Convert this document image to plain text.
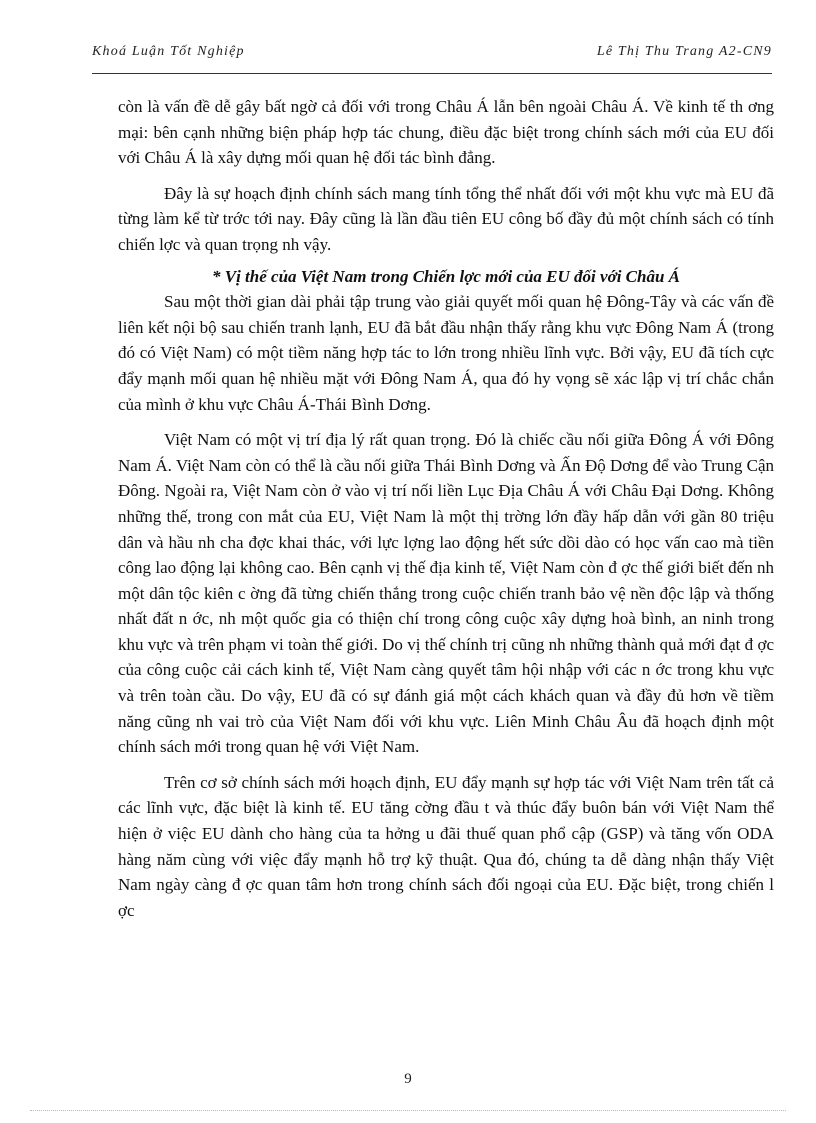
Khoá Luận Tốt Nghiệp	Lê Thị Thu Trang A2-CN9

còn là vấn đề dễ gây bất ngờ cả đối với trong Châu Á lẫn bên ngoài Châu Á. Về kinh tế th ơng mại: bên cạnh những biện pháp hợp tác chung, điều đặc biệt trong chính sách mới của EU đối với Châu Á là xây dựng mối quan hệ đối tác bình đẳng.

Đây là sự hoạch định chính sách mang tính tổng thể nhất đối với một khu vực mà EU đã từng làm kể từ trớc tới nay. Đây cũng là lần đầu tiên EU công bố đầy đủ một chính sách có tính chiến lợc và quan trọng nh vậy.

* Vị thế của Việt Nam trong Chiến lợc mới của EU đối với Châu Á

Sau một thời gian dài phải tập trung vào giải quyết mối quan hệ Đông-Tây và các vấn đề liên kết nội bộ sau chiến tranh lạnh, EU đã bắt đầu nhận thấy rằng khu vực Đông Nam Á (trong đó có Việt Nam) có một tiềm năng hợp tác to lớn trong nhiều lĩnh vực. Bởi vậy, EU đã tích cực đẩy mạnh mối quan hệ nhiều mặt với Đông Nam Á, qua đó hy vọng sẽ xác lập vị trí chắc chắn của mình ở khu vực Châu Á-Thái Bình Dơng.

Việt Nam có một vị trí địa lý rất quan trọng. Đó là chiếc cầu nối giữa Đông Á với Đông Nam Á. Việt Nam còn có thể là cầu nối giữa Thái Bình Dơng và Ấn Độ Dơng để vào Trung Cận Đông. Ngoài ra, Việt Nam còn ở vào vị trí nối liền Lục Địa Châu Á với Châu Đại Dơng. Không những thế, trong con mắt của EU, Việt Nam là một thị trờng lớn đầy hấp dẫn với gần 80 triệu dân và hầu nh cha đợc khai thác, với lực lợng lao động hết sức dồi dào có học vấn cao mà tiền công lao động lại không cao. Bên cạnh vị thế địa kinh tế, Việt Nam còn đ ợc thế giới biết đến nh một dân tộc kiên c ờng đã từng chiến thắng trong cuộc chiến tranh bảo vệ nền độc lập và thống nhất đất n ớc, nh một quốc gia có thiện chí trong công cuộc xây dựng hoà bình, an ninh trong khu vực và trên phạm vi toàn thế giới. Do vị thế chính trị cũng nh những thành quả mới đạt đ ợc của công cuộc cải cách kinh tế, Việt Nam càng quyết tâm hội nhập với các n ớc trong khu vực và trên toàn cầu. Do vậy, EU đã có sự đánh giá một cách khách quan và đầy đủ hơn về tiềm năng cũng nh vai trò của Việt Nam đối với khu vực. Liên Minh Châu Âu đã hoạch định một chính sách mới trong quan hệ với Việt Nam.

Trên cơ sở chính sách mới hoạch định, EU đẩy mạnh sự hợp tác với Việt Nam trên tất cả các lĩnh vực, đặc biệt là kinh tế. EU tăng cờng đầu t và thúc đẩy buôn bán với Việt Nam thể hiện ở việc EU dành cho hàng của ta hởng u đãi thuế quan phổ cập (GSP) và tăng vốn ODA hàng năm cùng với việc đẩy mạnh hỗ trợ kỹ thuật. Qua đó, chúng ta dễ dàng nhận thấy Việt Nam ngày càng đ ợc quan tâm hơn trong chính sách đối ngoại của EU. Đặc biệt, trong chiến l ợc

9
